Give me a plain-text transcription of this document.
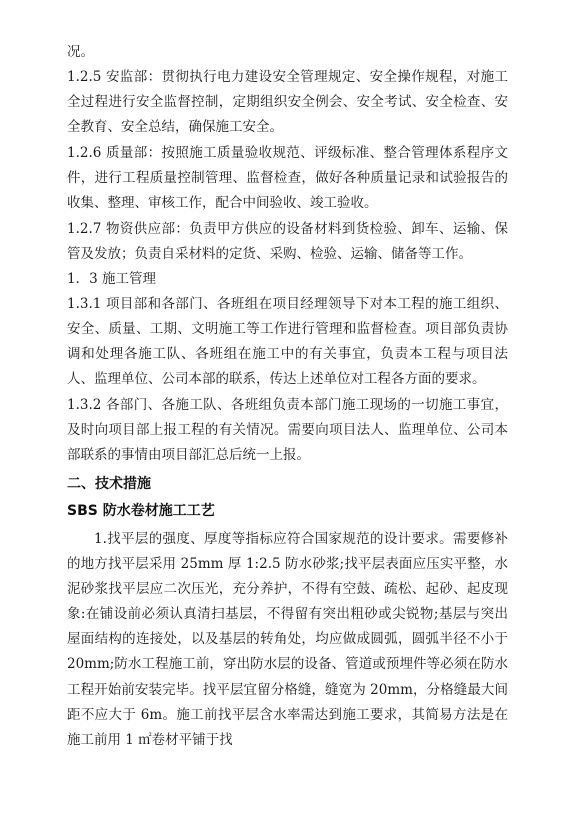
况。

1.2.5 安监部：贯彻执行电力建设安全管理规定、安全操作规程，对施工全过程进行安全监督控制，定期组织安全例会、安全考试、安全检查、安全教育、安全总结，确保施工安全。

1.2.6 质量部：按照施工质量验收规范、评级标准、整合管理体系程序文件，进行工程质量控制管理、监督检查，做好各种质量记录和试验报告的收集、整理、审核工作，配合中间验收、竣工验收。

1.2.7 物资供应部：负责甲方供应的设备材料到货检验、卸车、运输、保管及发放；负责自采材料的定货、采购、检验、运输、储备等工作。

1．3 施工管理

1.3.1 项目部和各部门、各班组在项目经理领导下对本工程的施工组织、安全、质量、工期、文明施工等工作进行管理和监督检查。项目部负责协调和处理各施工队、各班组在施工中的有关事宜，负责本工程与项目法人、监理单位、公司本部的联系，传达上述单位对工程各方面的要求。

1.3.2 各部门、各施工队、各班组负责本部门施工现场的一切施工事宜，及时向项目部上报工程的有关情况。需要向项目法人、监理单位、公司本部联系的事情由项目部汇总后统一上报。

二、技术措施

SBS 防水卷材施工工艺

1.找平层的强度、厚度等指标应符合国家规范的设计要求。需要修补的地方找平层采用 25mm 厚 1:2.5 防水砂浆;找平层表面应压实平整，水泥砂浆找平层应二次压光，充分养护，不得有空鼓、疏松、起砂、起皮现象:在铺设前必须认真清扫基层，不得留有突出粗砂或尖锐物;基层与突出屋面结构的连接处，以及基层的转角处，均应做成圆弧，圆弧半径不小于 20mm;防水工程施工前，穿出防水层的设备、管道或预埋件等必须在防水工程开始前安装完毕。找平层宜留分格缝，缝宽为 20mm，分格缝最大间距不应大于 6m。施工前找平层含水率需达到施工要求，其简易方法是在施工前用 1 ㎡卷材平铺于找
